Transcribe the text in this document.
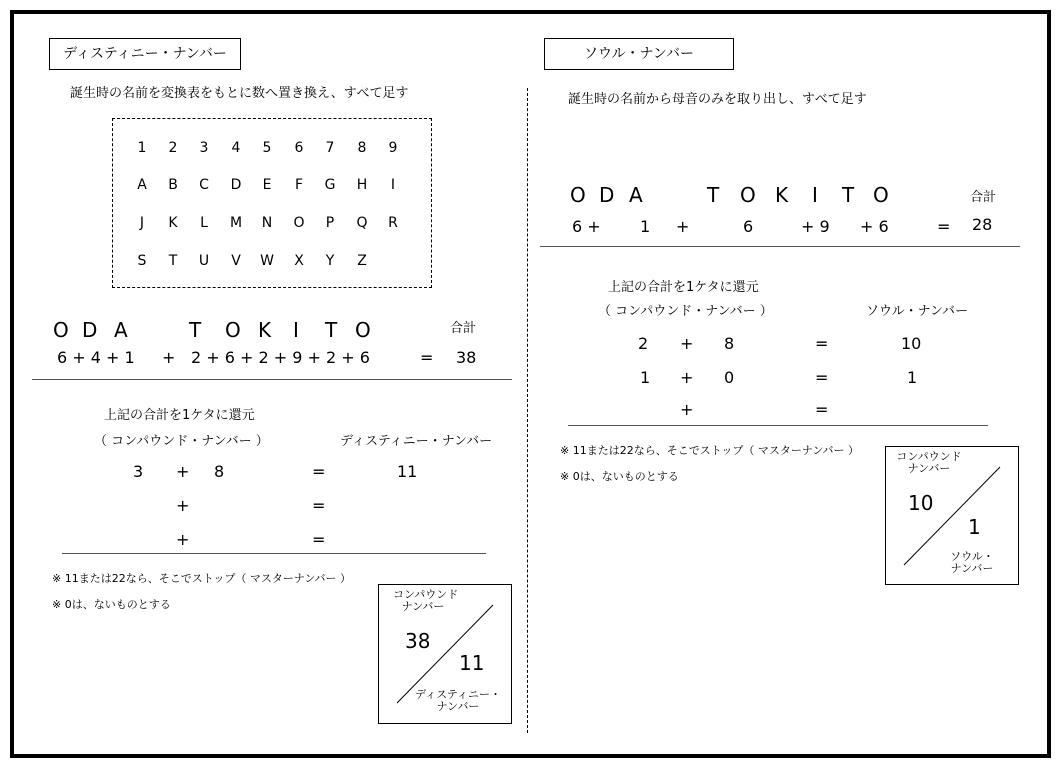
ディスティニー・ナンバー
誕生時の名前を変換表をもとに数へ置き換え、すべて足す
1	2	3	4	5	6	7	8	9
A	B	C	D	E	F	G	H	I
J	K	L	M	N	O	P	Q	R
S	T	U	V	W	X	Y	Z
O D A	T O K I T O	合計
6 + 4 + 1 + 2 + 6 + 2 + 9 + 2 + 6	= 38
上記の合計を1ケタに還元
（ コンパウンド・ナンバー ）	ディスティニー・ナンバー
3 + 8	=	11
+	=
+	=
※ 11または22なら、そこでストップ（ マスターナンバー ）
※ 0は、ないものとする
コンパウンド
ナンバー
38
11
ディスティニー・
ナンバー
ソウル・ナンバー
誕生時の名前から母音のみを取り出し、すべて足す
O D A	T O K I T O	合計
6 + 1 +	6	+ 9 + 6	= 28
上記の合計を1ケタに還元
（ コンパウンド・ナンバー ）	ソウル・ナンバー
2 + 8	=	10
1 + 0	=	1
+	=
※ 11または22なら、そこでストップ（ マスターナンバー ）
※ 0は、ないものとする
コンパウンド
ナンバー
10
1
ソウル・
ナンバー
